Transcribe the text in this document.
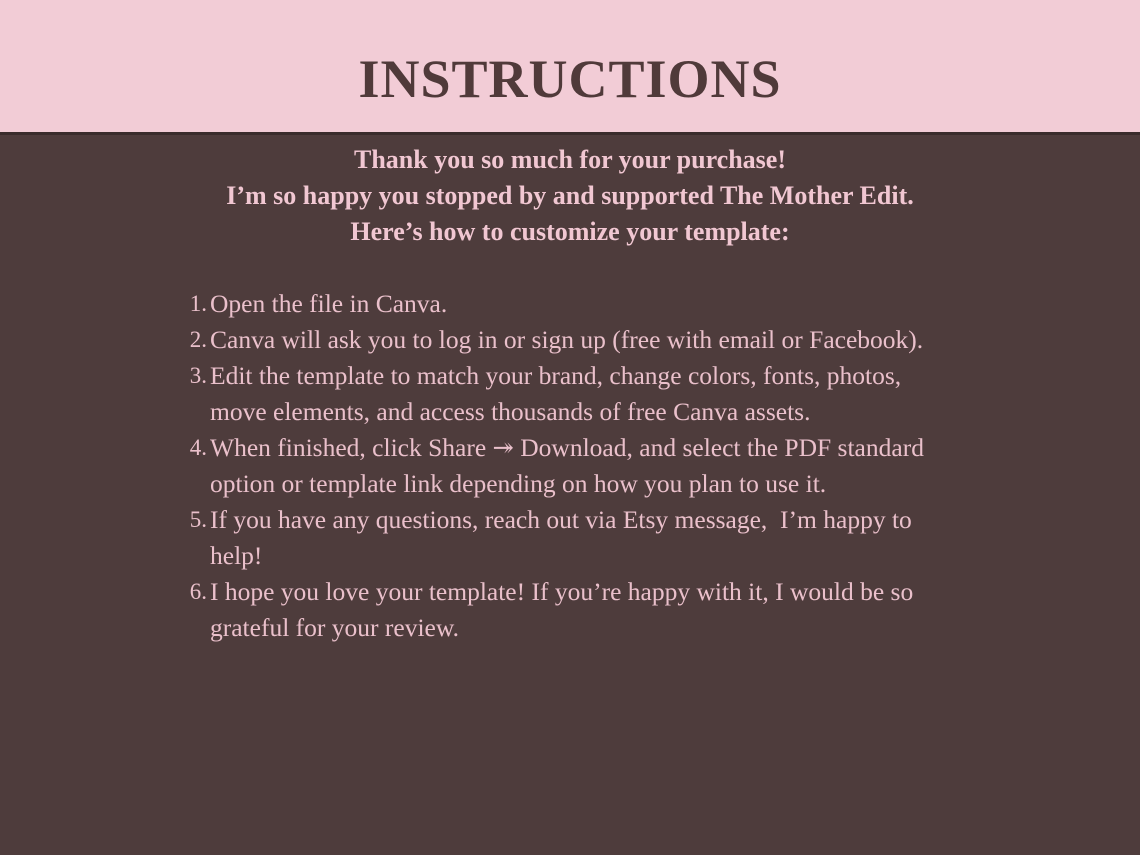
INSTRUCTIONS
Thank you so much for your purchase!
I’m so happy you stopped by and supported The Mother Edit.
Here’s how to customize your template:
1. Open the file in Canva.
2. Canva will ask you to log in or sign up (free with email or Facebook).
3. Edit the template to match your brand, change colors, fonts, photos, move elements, and access thousands of free Canva assets.
4. When finished, click Share ↠ Download, and select the PDF standard option or template link depending on how you plan to use it.
5. If you have any questions, reach out via Etsy message,  I’m happy to help!
6. I hope you love your template! If you’re happy with it, I would be so grateful for your review.
